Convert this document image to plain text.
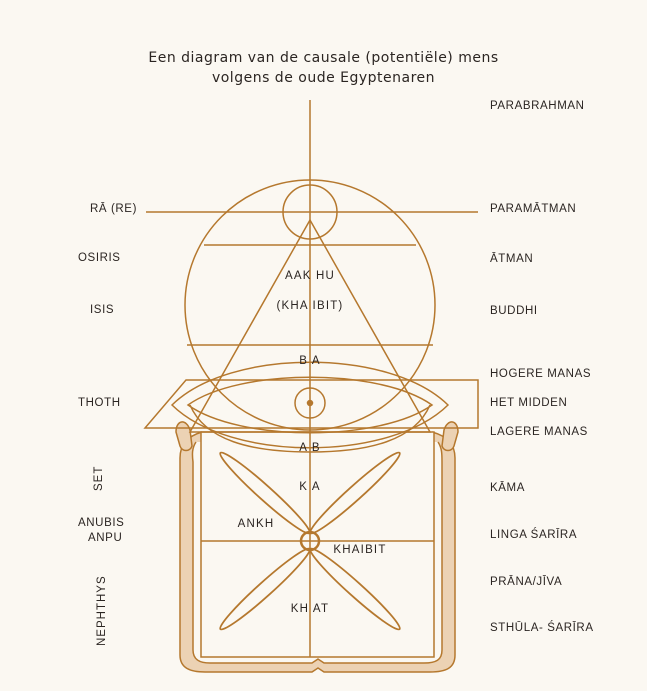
Een diagram van de causale (potentiële) mens
volgens de oude Egyptenaren
RĀ (RE)
OSIRIS
ISIS
THOTH
SET
ANUBIS
ANPU
NEPHTHYS
PARABRAHMAN
PARAMĀTMAN
ĀTMAN
BUDDHI
HOGERE MANAS
HET MIDDEN
LAGERE MANAS
KĀMA
LINGA ŚARĪRA
PRĀNA/JĪVA
STHŪLA- ŚARĪRA
AAK HU
(KHA IBIT)
B A
A B
K A
ANKH
KHAIBIT
KH AT
